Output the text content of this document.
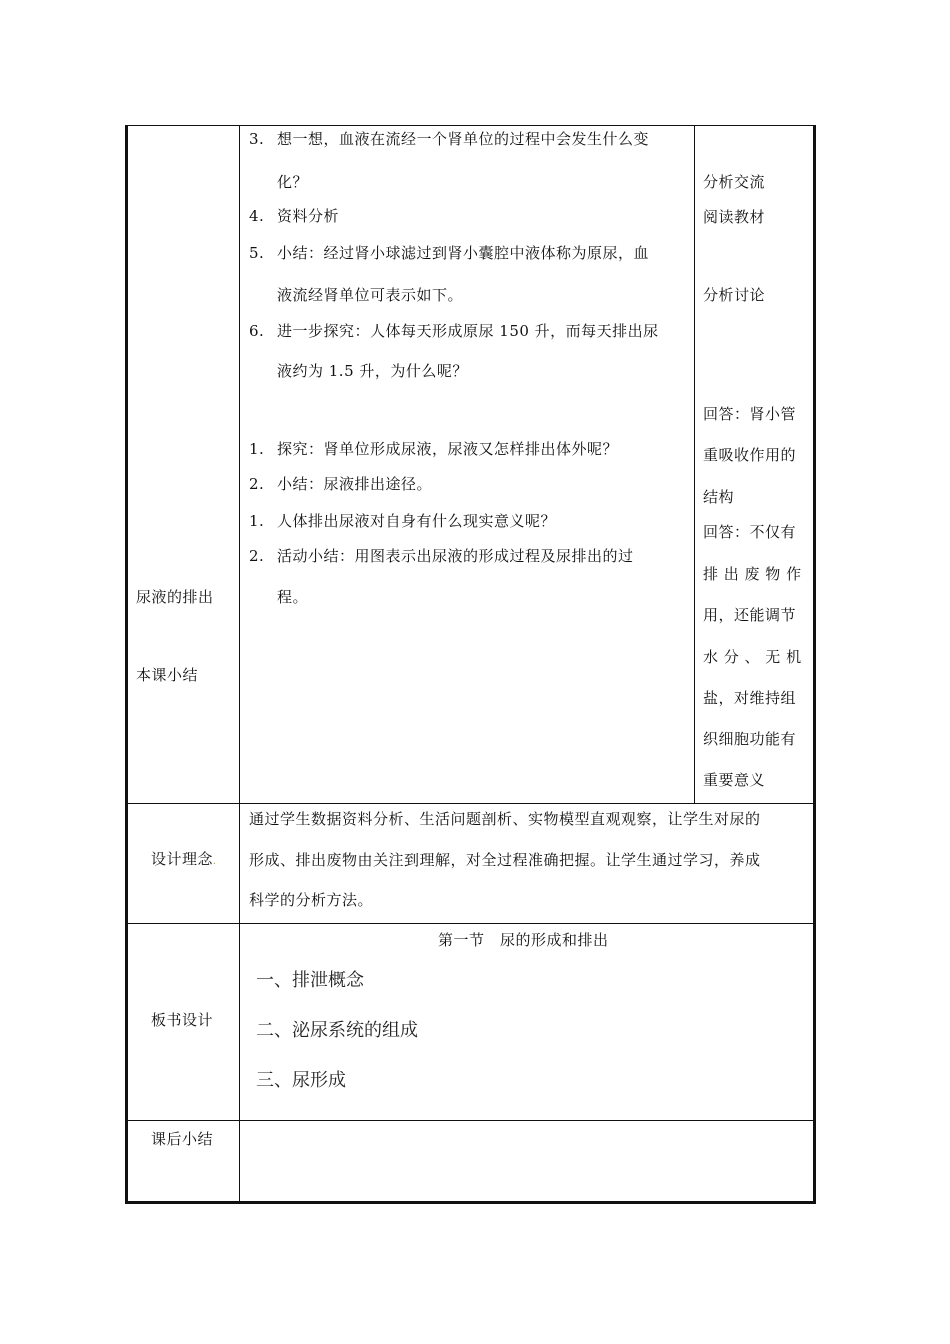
尿液的排出
本课小结
设计理念.
板书设计
课后小结
3. 想一想，血液在流经一个肾单位的过程中会发生什么变
化？
4. 资料分析
5. 小结：经过肾小球滤过到肾小囊腔中液体称为原尿，血
液流经肾单位可表示如下。
6. 进一步探究：人体每天形成原尿 150 升，而每天排出尿
液约为 1.5 升，为什么呢？
1. 探究：肾单位形成尿液，尿液又怎样排出体外呢？
2. 小结：尿液排出途径。
1. 人体排出尿液对自身有什么现实意义呢？
2. 活动小结：用图表示出尿液的形成过程及尿排出的过
程。
分析交流
阅读教材
分析讨论
回答：肾小管
重吸收作用的
结构
回答：不仅有
排 出 废 物 作
用，还能调节
水 分 、 无 机
盐，对维持组
织细胞功能有
重要意义
通过学生数据资料分析、生活问题剖析、实物模型直观观察，让学生对尿的
形成、排出废物由关注到理解，对全过程准确把握。让学生通过学习，养成
科学的分析方法。
第一节　尿的形成和排出
一、排泄概念
二、泌尿系统的组成
三、尿形成
